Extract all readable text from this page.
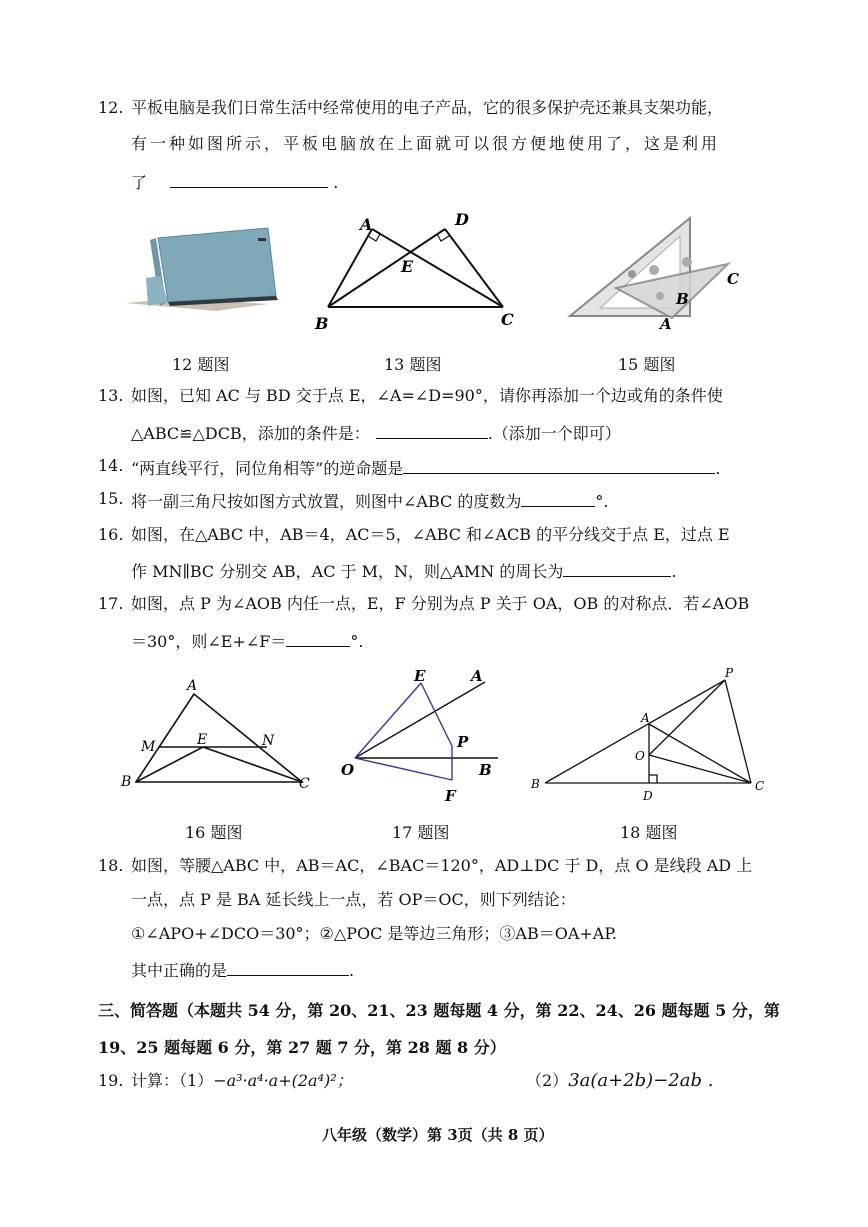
12. 平板电脑是我们日常生活中经常使用的电子产品，它的很多保护壳还兼具支架功能，
有一种如图所示，平板电脑放在上面就可以很方便地使用了，这是利用
了	.
A	D
E
B	C
C
B
A
12 题图	13 题图	15 题图
13. 如图，已知 AC 与 BD 交于点 E，∠A=∠D=90°，请你再添加一个边或角的条件使
△ABC≌△DCB，添加的条件是：	.（添加一个即可）
14. “两直线平行，同位角相等”的逆命题是	.
15. 将一副三角尺按如图方式放置，则图中∠ABC 的度数为	°.
16. 如图，在△ABC 中，AB＝4，AC＝5，∠ABC 和∠ACB 的平分线交于点 E，过点 E
作 MN∥BC 分别交 AB，AC 于 M，N，则△AMN 的周长为	.
17. 如图，点 P 为∠AOB 内任一点，E，F 分别为点 P 关于 OA，OB 的对称点．若∠AOB
＝30°，则∠E+∠F＝	°.
A
M	E	N
B	C
E	A
P
O	B
F
P
A
O
B
D
C
16 题图	17 题图	18 题图
18. 如图，等腰△ABC 中，AB＝AC，∠BAC＝120°，AD⊥DC 于 D，点 O 是线段 AD 上
一点，点 P 是 BA 延长线上一点，若 OP＝OC，则下列结论：
①∠APO+∠DCO＝30°；②△POC 是等边三角形；③AB＝OA+AP.
其中正确的是	.
三、简答题（本题共 54 分，第 20、21、23 题每题 4 分，第 22、24、26 题每题 5 分，第
19、25 题每题 6 分，第 27 题 7 分，第 28 题 8 分）
19. 计算：（1）−a³·a⁴·a+(2a⁴)²；	（2）3a(a+2b)−2ab .
八年级（数学）第 3页（共 8 页）
